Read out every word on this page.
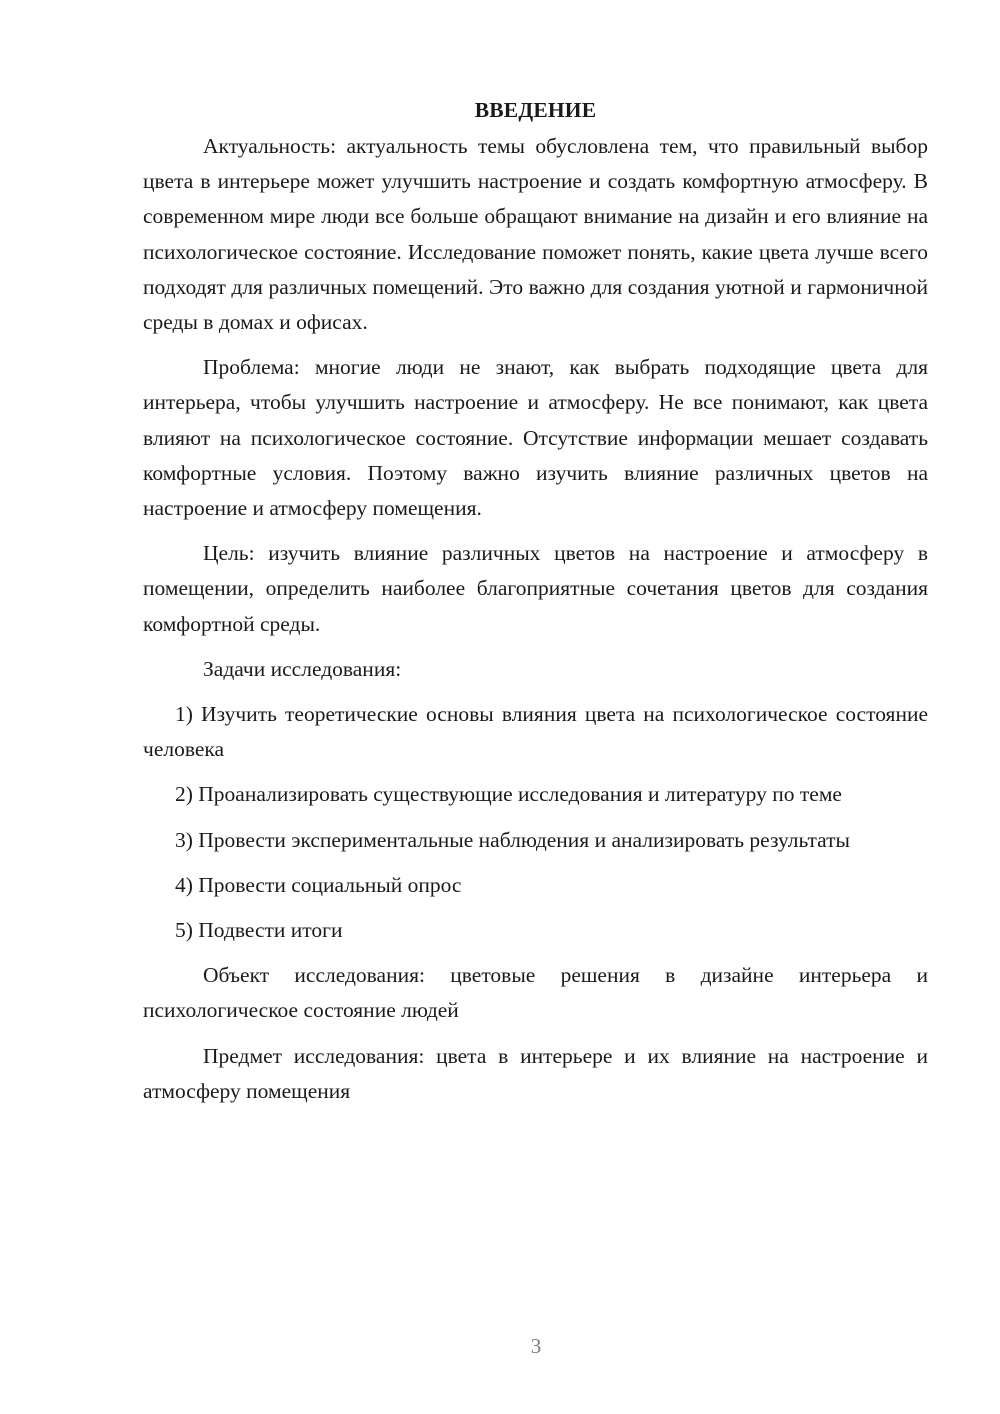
ВВЕДЕНИЕ

Актуальность: актуальность темы обусловлена тем, что правильный выбор цвета в интерьере может улучшить настроение и создать комфортную атмосферу. В современном мире люди все больше обращают внимание на дизайн и его влияние на психологическое состояние. Исследование поможет понять, какие цвета лучше всего подходят для различных помещений. Это важно для создания уютной и гармоничной среды в домах и офисах.

Проблема: многие люди не знают, как выбрать подходящие цвета для интерьера, чтобы улучшить настроение и атмосферу. Не все понимают, как цвета влияют на психологическое состояние. Отсутствие информации мешает создавать комфортные условия. Поэтому важно изучить влияние различных цветов на настроение и атмосферу помещения.

Цель: изучить влияние различных цветов на настроение и атмосферу в помещении, определить наиболее благоприятные сочетания цветов для создания комфортной среды.

Задачи исследования:

1) Изучить теоретические основы влияния цвета на психологическое состояние человека

2) Проанализировать существующие исследования и литературу по теме

3) Провести экспериментальные наблюдения и анализировать результаты

4) Провести социальный опрос

5) Подвести итоги

Объект исследования: цветовые решения в дизайне интерьера и психологическое состояние людей

Предмет исследования: цвета в интерьере и их влияние на настроение и атмосферу помещения

3
